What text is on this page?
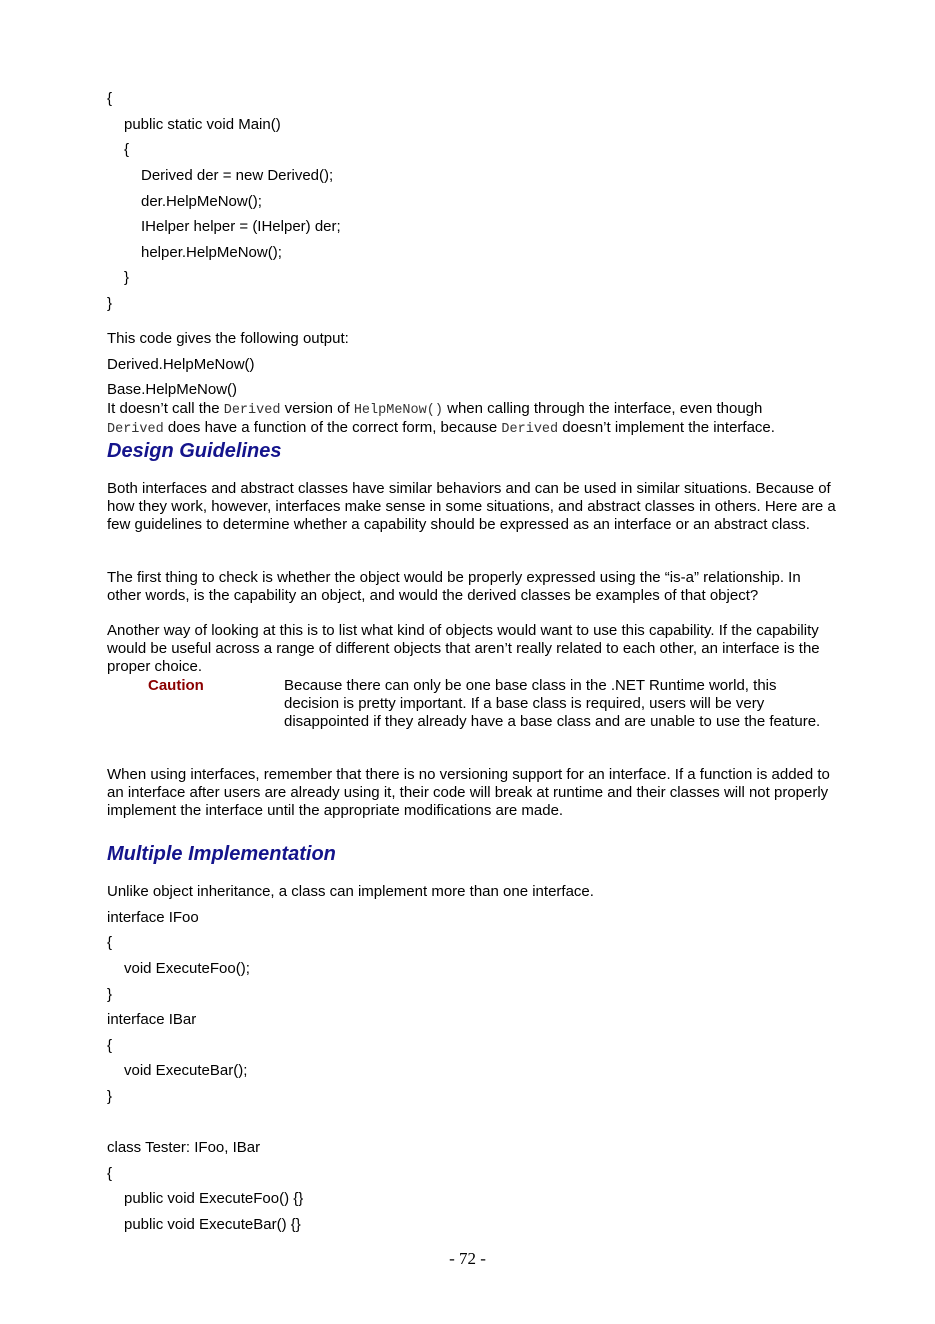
{
public static void Main()
{
Derived der = new Derived();
der.HelpMeNow();
IHelper helper = (IHelper) der;
helper.HelpMeNow();
}
}
This code gives the following output:
Derived.HelpMeNow()
Base.HelpMeNow()
It doesn’t call the Derived version of HelpMeNow() when calling through the interface, even though
Derived does have a function of the correct form, because Derived doesn’t implement the interface.
Design Guidelines
Both interfaces and abstract classes have similar behaviors and can be used in similar situations. Because of how they work, however, interfaces make sense in some situations, and abstract classes in others. Here are a few guidelines to determine whether a capability should be expressed as an interface or an abstract class.
The first thing to check is whether the object would be properly expressed using the “is-a” relationship. In other words, is the capability an object, and would the derived classes be examples of that object?
Another way of looking at this is to list what kind of objects would want to use this capability. If the capability would be useful across a range of different objects that aren’t really related to each other, an interface is the proper choice.
Caution	Because there can only be one base class in the .NET Runtime world, this decision is pretty important. If a base class is required, users will be very disappointed if they already have a base class and are unable to use the feature.
When using interfaces, remember that there is no versioning support for an interface. If a function is added to an interface after users are already using it, their code will break at runtime and their classes will not properly implement the interface until the appropriate modifications are made.
Multiple Implementation
Unlike object inheritance, a class can implement more than one interface.
interface IFoo
{
void ExecuteFoo();
}
interface IBar
{
void ExecuteBar();
}
class Tester: IFoo, IBar
{
public void ExecuteFoo() {}
public void ExecuteBar() {}
- 72 -
